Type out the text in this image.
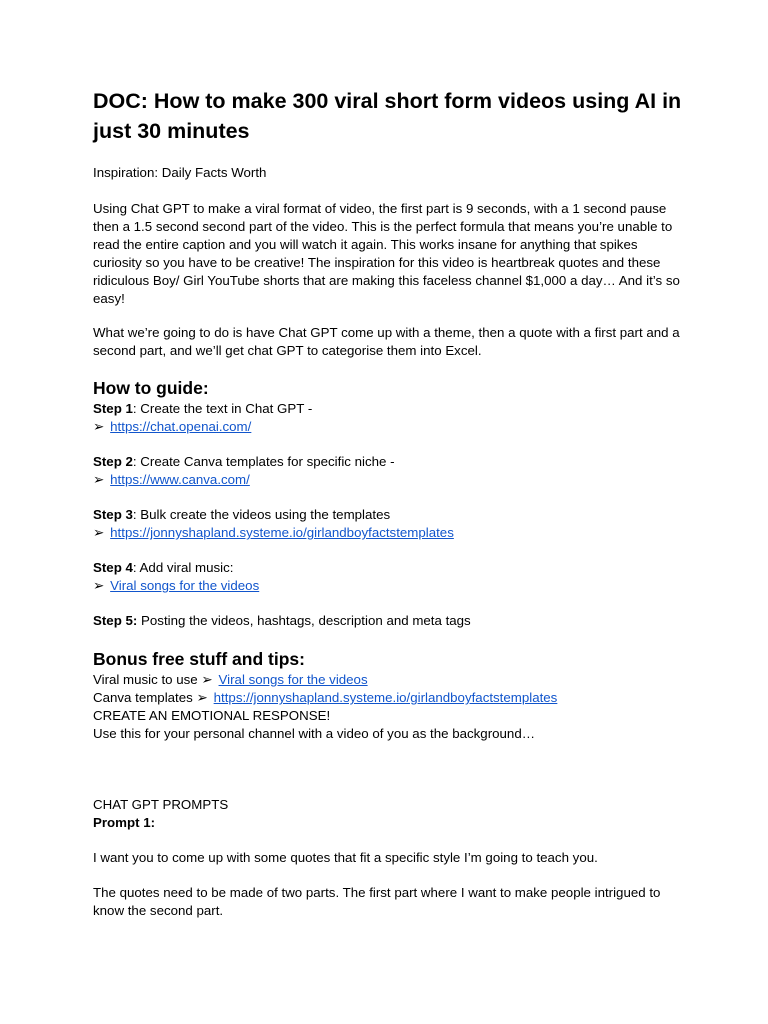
DOC: How to make 300 viral short form videos using AI in just 30 minutes

Inspiration: Daily Facts Worth

Using Chat GPT to make a viral format of video, the first part is 9 seconds, with a 1 second pause then a 1.5 second second part of the video. This is the perfect formula that means you’re unable to read the entire caption and you will watch it again. This works insane for anything that spikes curiosity so you have to be creative! The inspiration for this video is heartbreak quotes and these ridiculous Boy/ Girl YouTube shorts that are making this faceless channel $1,000 a day… And it’s so easy!

What we’re going to do is have Chat GPT come up with a theme, then a quote with a first part and a second part, and we’ll get chat GPT to categorise them into Excel.

How to guide:

Step 1: Create the text in Chat GPT -

➢ https://chat.openai.com/

Step 2: Create Canva templates for specific niche -

➢ https://www.canva.com/

Step 3: Bulk create the videos using the templates

➢ https://jonnyshapland.systeme.io/girlandboyfactstemplates

Step 4: Add viral music:

➢ Viral songs for the videos

Step 5: Posting the videos, hashtags, description and meta tags

Bonus free stuff and tips:

Viral music to use ➢ Viral songs for the videos

Canva templates ➢ https://jonnyshapland.systeme.io/girlandboyfactstemplates

CREATE AN EMOTIONAL RESPONSE!

Use this for your personal channel with a video of you as the background…

CHAT GPT PROMPTS

Prompt 1:

I want you to come up with some quotes that fit a specific style I’m going to teach you.

The quotes need to be made of two parts. The first part where I want to make people intrigued to know the second part.
